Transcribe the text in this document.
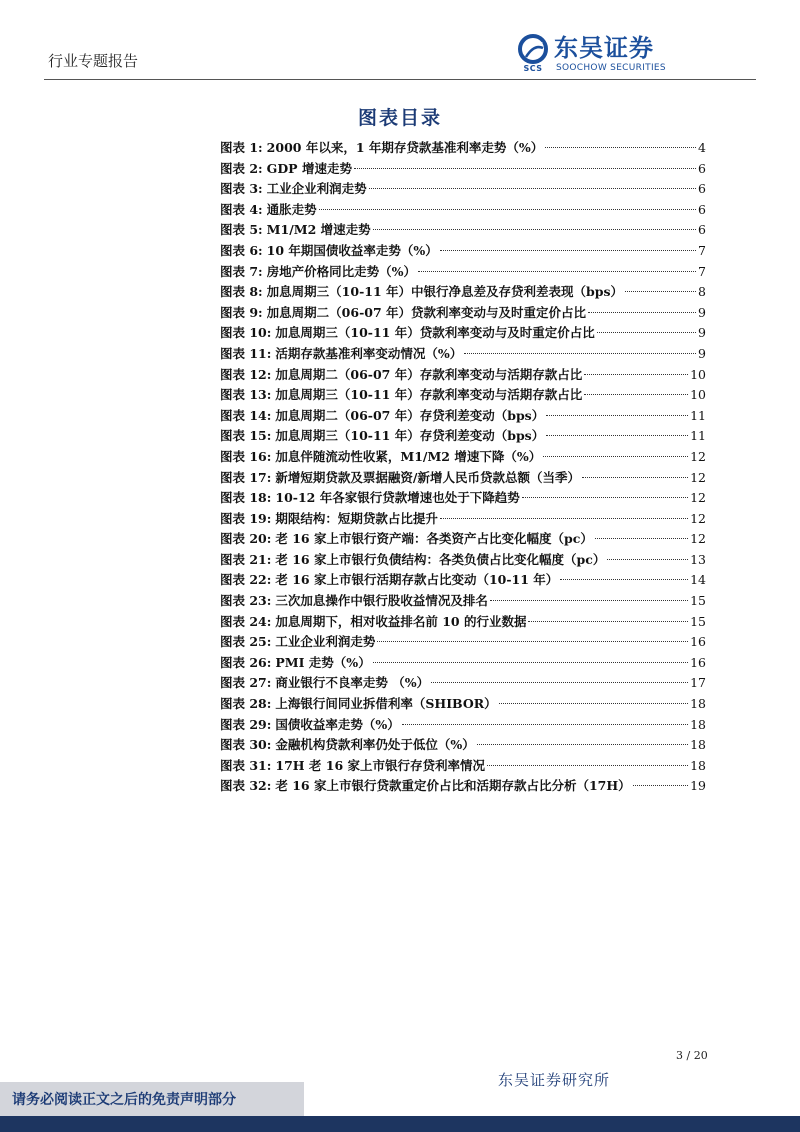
行业专题报告	SCS
东吴证券
SOOCHOW SECURITIES
图表目录
图表 1: 2000 年以来，1 年期存贷款基准利率走势（%）	4
图表 2: GDP 增速走势	6
图表 3: 工业企业利润走势	6
图表 4: 通胀走势	6
图表 5: M1/M2 增速走势	6
图表 6: 10 年期国债收益率走势（%）	7
图表 7: 房地产价格同比走势（%）	7
图表 8: 加息周期三（10-11 年）中银行净息差及存贷利差表现（bps）	8
图表 9: 加息周期二（06-07 年）贷款利率变动与及时重定价占比	9
图表 10: 加息周期三（10-11 年）贷款利率变动与及时重定价占比	9
图表 11: 活期存款基准利率变动情况（%）	9
图表 12: 加息周期二（06-07 年）存款利率变动与活期存款占比	10
图表 13: 加息周期三（10-11 年）存款利率变动与活期存款占比	10
图表 14: 加息周期二（06-07 年）存贷利差变动（bps）	11
图表 15: 加息周期三（10-11 年）存贷利差变动（bps）	11
图表 16: 加息伴随流动性收紧，M1/M2 增速下降（%）	12
图表 17: 新增短期贷款及票据融资/新增人民币贷款总额（当季）	12
图表 18: 10-12 年各家银行贷款增速也处于下降趋势	12
图表 19: 期限结构：短期贷款占比提升	12
图表 20: 老 16 家上市银行资产端：各类资产占比变化幅度（pc）	12
图表 21: 老 16 家上市银行负债结构：各类负债占比变化幅度（pc）	13
图表 22: 老 16 家上市银行活期存款占比变动（10-11 年）	14
图表 23: 三次加息操作中银行股收益情况及排名	15
图表 24: 加息周期下，相对收益排名前 10 的行业数据	15
图表 25: 工业企业利润走势	16
图表 26: PMI 走势（%）	16
图表 27: 商业银行不良率走势 （%）	17
图表 28: 上海银行间同业拆借利率（SHIBOR）	18
图表 29: 国债收益率走势（%）	18
图表 30: 金融机构贷款利率仍处于低位（%）	18
图表 31: 17H 老 16 家上市银行存贷利率情况	18
图表 32: 老 16 家上市银行贷款重定价占比和活期存款占比分析（17H）	19
3 / 20
东吴证券研究所
请务必阅读正文之后的免责声明部分
